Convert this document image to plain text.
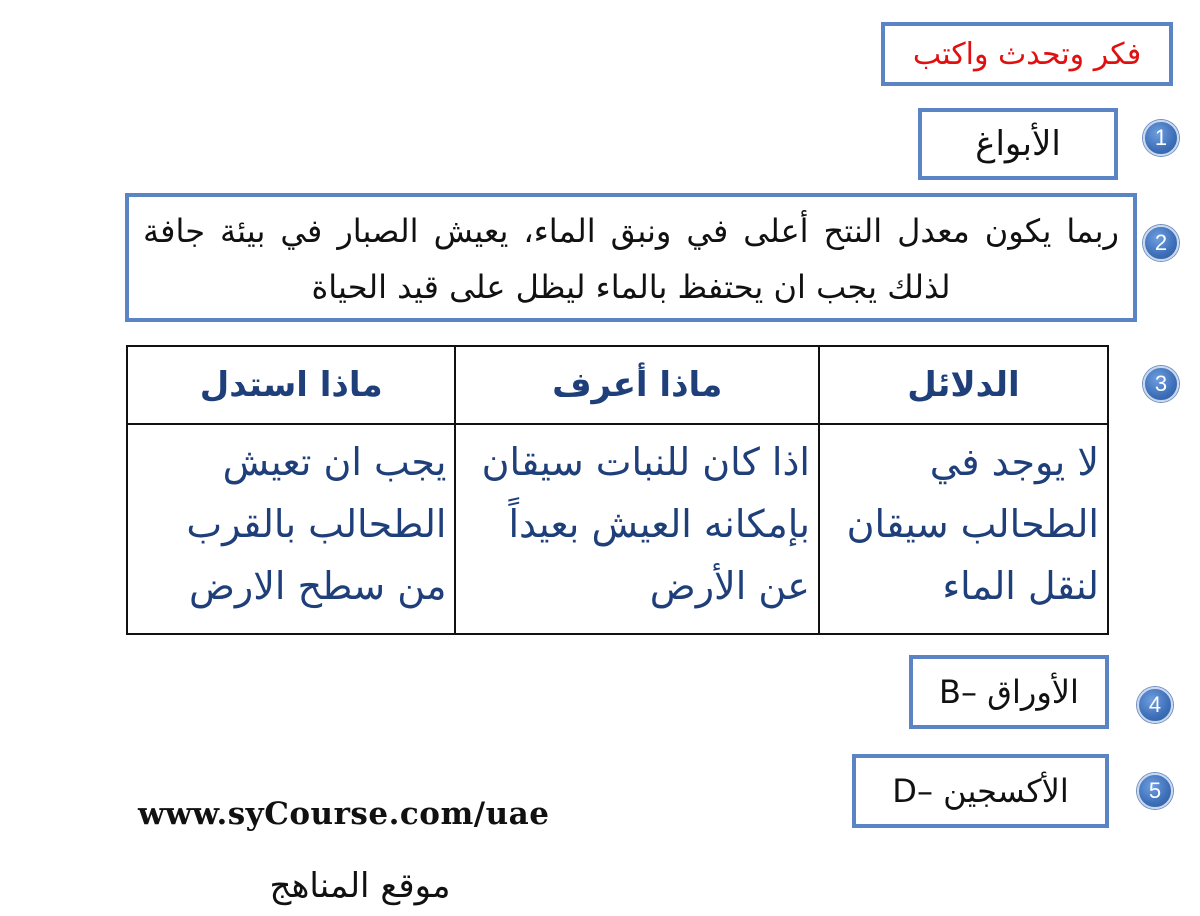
فكر وتحدث واكتب
1
الأبواغ
2
ربما يكون معدل النتح أعلى في ونبق الماء، يعيش الصبار في بيئة جافة لذلك يجب ان يحتفظ بالماء ليظل على قيد الحياة
3
الدلائل	ماذا أعرف	ماذا استدل
لا يوجد في الطحالب سيقان لنقل الماء	اذا كان للنبات سيقان بإمكانه العيش بعيداً عن الأرض	يجب ان تعيش الطحالب بالقرب من سطح الارض
4
B– الأوراق
5
D– الأكسجين
www.syCourse.com/uae
موقع المناهج
